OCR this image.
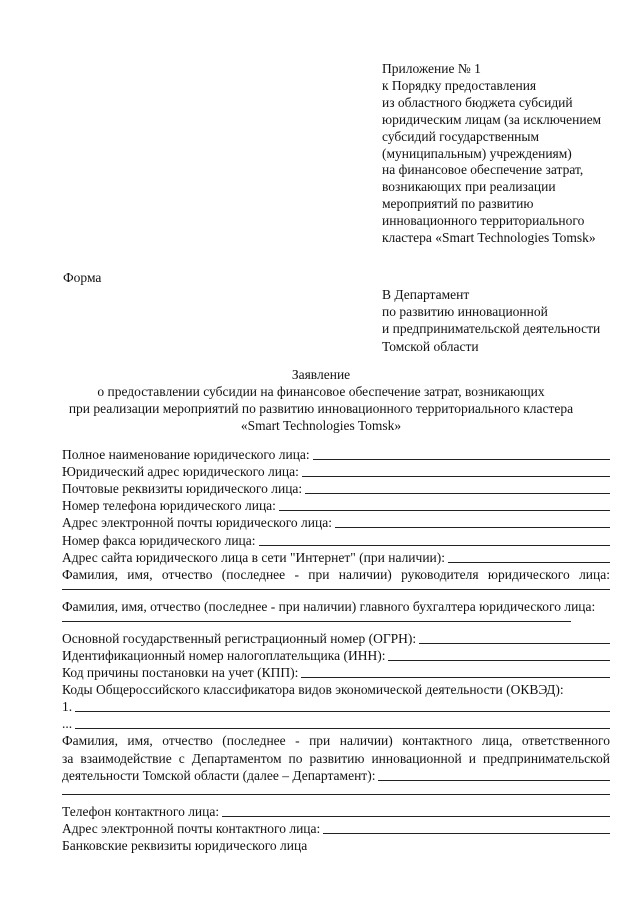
Приложение № 1
к Порядку предоставления
из областного бюджета субсидий
юридическим лицам (за исключением
субсидий государственным
(муниципальным) учреждениям)
на финансовое обеспечение затрат,
возникающих при реализации
мероприятий по развитию
инновационного территориального
кластера «Smart Technologies Tomsk»
Форма
В Департамент
по развитию инновационной
и предпринимательской деятельности
Томской области
Заявление
о предоставлении субсидии на финансовое обеспечение затрат, возникающих
при реализации мероприятий по развитию инновационного территориального кластера
«Smart Technologies Tomsk»
Полное наименование юридического лица:
Юридический адрес юридического лица:
Почтовые реквизиты юридического лица:
Номер телефона юридического лица:
Адрес электронной почты юридического лица:
Номер факса юридического лица:
Адрес сайта юридического лица в сети "Интернет" (при наличии):
Фамилия, имя, отчество (последнее - при наличии) руководителя юридического лица:
Фамилия, имя, отчество (последнее - при наличии) главного бухгалтера юридического лица:
Основной государственный регистрационный номер (ОГРН):
Идентификационный номер налогоплательщика (ИНН):
Код причины постановки на учет (КПП):
Коды Общероссийского классификатора видов экономической деятельности (ОКВЭД):
1.
...
Фамилия, имя, отчество (последнее - при наличии) контактного лица, ответственного
за взаимодействие с Департаментом по развитию инновационной и предпринимательской
деятельности Томской области (далее – Департамент):
Телефон контактного лица:
Адрес электронной почты контактного лица:
Банковские реквизиты юридического лица
